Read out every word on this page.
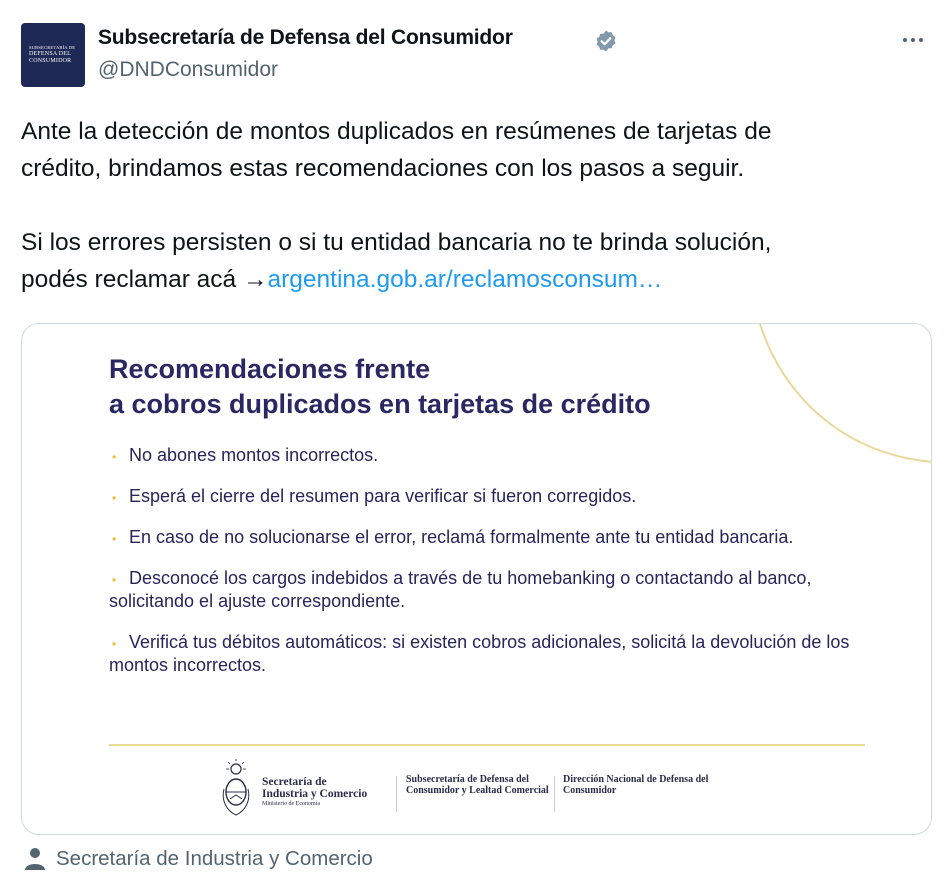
SUBSECRETARÍA DE
DEFENSA DEL
CONSUMIDOR
Subsecretaría de Defensa del Consumidor
@DNDConsumidor

Ante la detección de montos duplicados en resúmenes de tarjetas de

crédito, brindamos estas recomendaciones con los pasos a seguir.

Si los errores persisten o si tu entidad bancaria no te brinda solución,

podés reclamar acá →argentina.gob.ar/reclamosconsum…

Recomendaciones frente
a cobros duplicados en tarjetas de crédito
• No abones montos incorrectos.
• Esperá el cierre del resumen para verificar si fueron corregidos.
• En caso de no solucionarse el error, reclamá formalmente ante tu entidad bancaria.
• Desconocé los cargos indebidos a través de tu homebanking o contactando al banco, solicitando el ajuste correspondiente.
• Verificá tus débitos automáticos: si existen cobros adicionales, solicitá la devolución de los montos incorrectos.
Secretaría de
Industria y Comercio
Ministerio de Economía
Subsecretaría de Defensa del Consumidor y Lealtad Comercial
Dirección Nacional de Defensa del Consumidor
Secretaría de Industria y Comercio
